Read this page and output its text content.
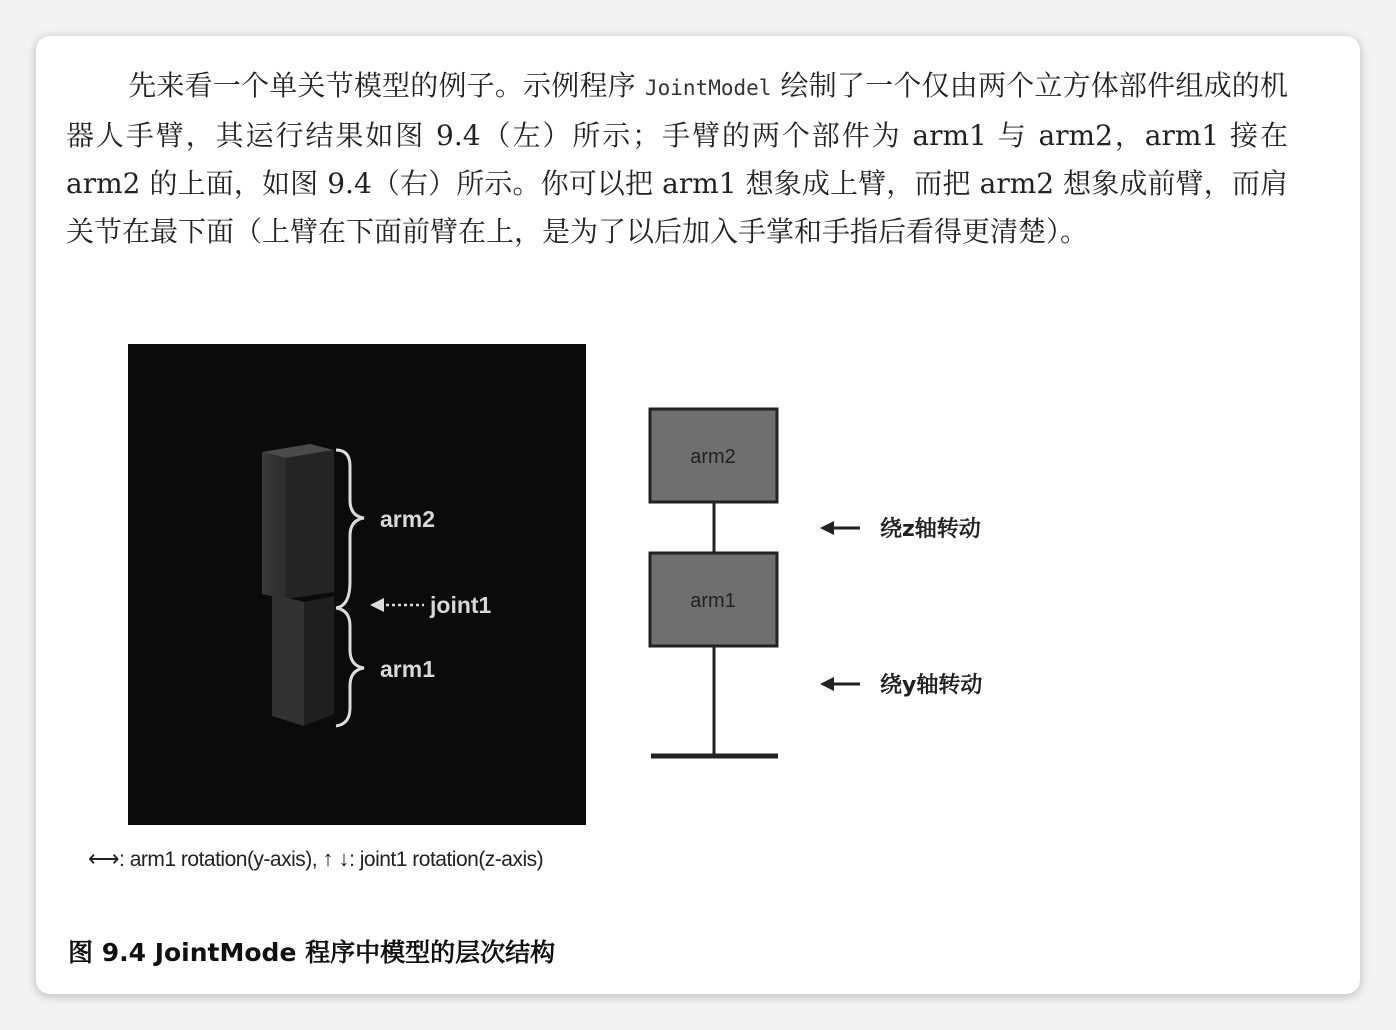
先来看一个单关节模型的例子。示例程序 JointModel 绘制了一个仅由两个立方体部件组成的机器人手臂，其运行结果如图 9.4（左）所示；手臂的两个部件为 arm1 与 arm2，arm1 接在 arm2 的上面，如图 9.4（右）所示。你可以把 arm1 想象成上臂，而把 arm2 想象成前臂，而肩关节在最下面（上臂在下面前臂在上，是为了以后加入手掌和手指后看得更清楚）。

arm2
joint1
arm1
arm2
arm1
绕z轴转动
绕y轴转动
⟷: arm1 rotation(y-axis), ↑ ↓: joint1 rotation(z-axis)
图 9.4 JointMode 程序中模型的层次结构
